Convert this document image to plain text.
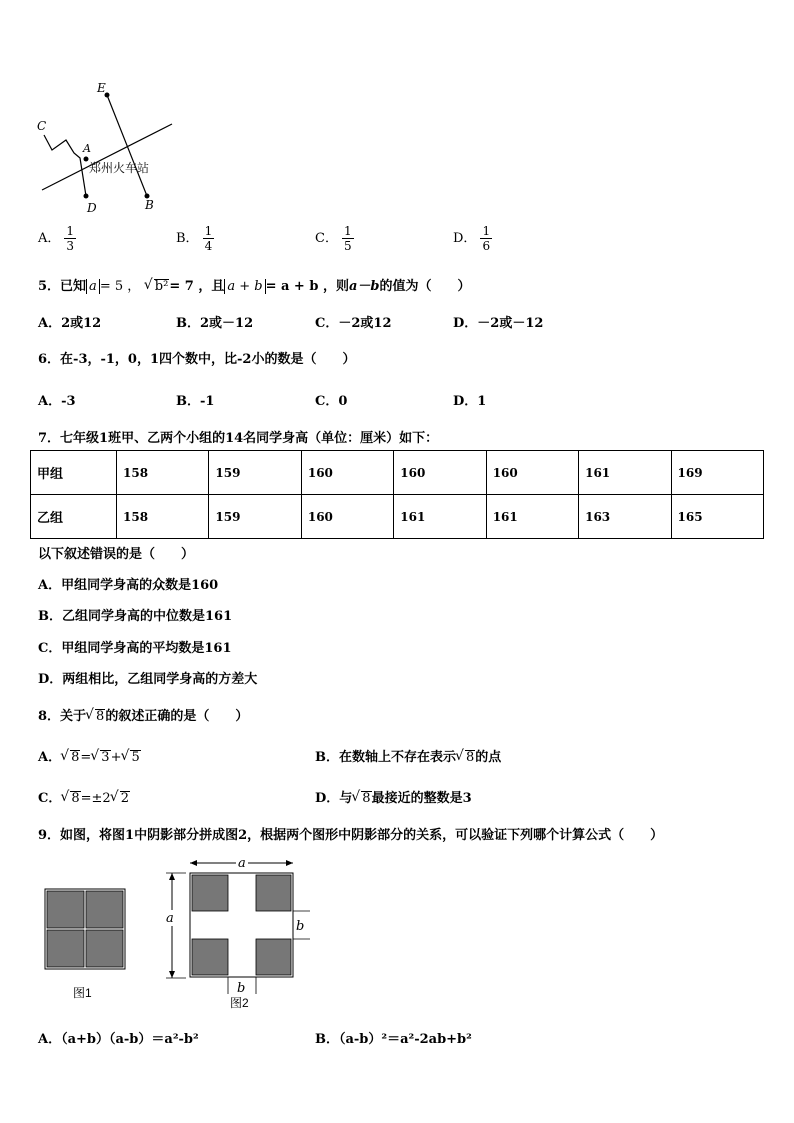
E
C
A
D	B
郑州火车站
A． $\frac{1}{3}$	B． $\frac{1}{4}$	C． $\frac{1}{5}$	D． $\frac{1}{6}$
5．已知 a = 5 ， √ b²= 7 ，且 a + b = a + b ，则a－b的值为（　　）
A．2或12	B．2或－12	C．－2或12	D．－2或－12
6．在-3，-1，0，1四个数中，比-2小的数是（　　）
A．-3	B．-1	C．0	D．1
7．七年级1班甲、乙两个小组的14名同学身高（单位：厘米）如下：
甲组	158	159	160	160	160	161	169
乙组	158	159	160	161	161	163	165
以下叙述错误的是（　　）
A．甲组同学身高的众数是160
B．乙组同学身高的中位数是161
C．甲组同学身高的平均数是161
D．两组相比，乙组同学身高的方差大
8．关于 √ 8的叙述正确的是（　　）
A． √ 8= √ 3+ √ 5	B．在数轴上不存在表示 √ 8的点
C． √ 8=±2 √ 2	D．与 √ 8最接近的整数是3
9．如图，将图1中阴影部分拼成图2，根据两个图形中阴影部分的关系，可以验证下列哪个计算公式（　　）
图1
a
a
b
b
图2
A．（a+b）（a-b）＝a²-b²	B．（a-b）²＝a²-2ab+b²
